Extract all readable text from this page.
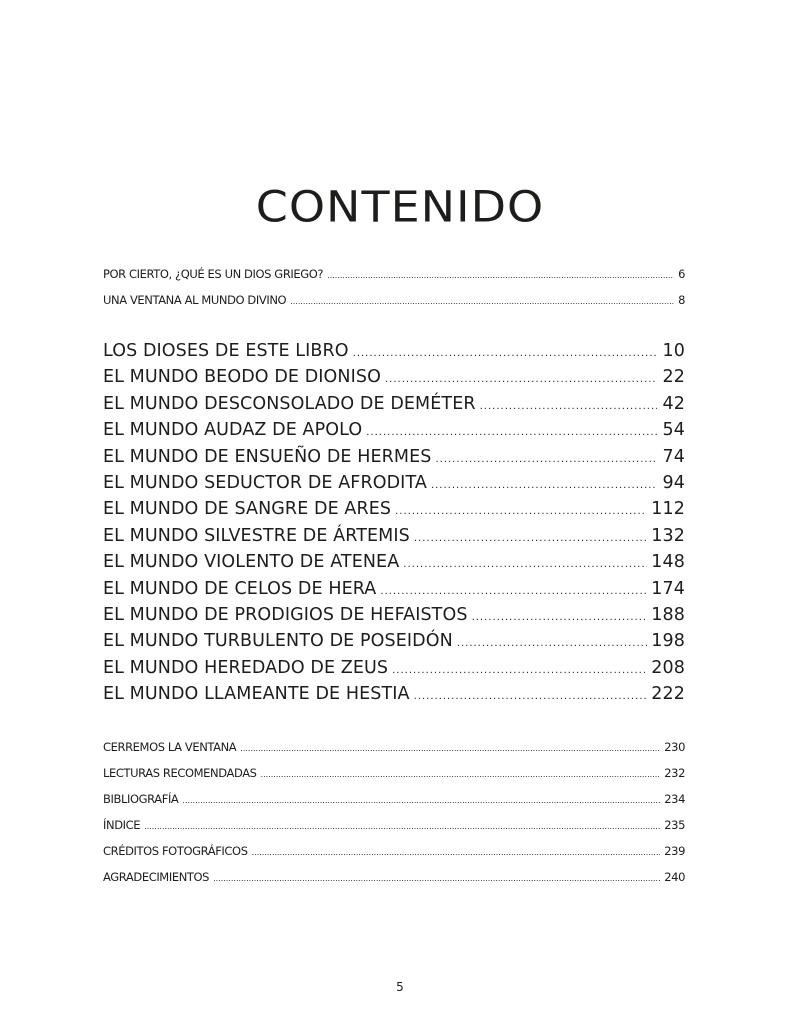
CONTENIDO
POR CIERTO, ¿QUÉ ES UN DIOS GRIEGO? .....	6
UNA VENTANA AL MUNDO DIVINO .....	8
LOS DIOSES DE ESTE LIBRO .....	10
EL MUNDO BEODO DE DIONISO .....	22
EL MUNDO DESCONSOLADO DE DEMÉTER .....	42
EL MUNDO AUDAZ DE APOLO .....	54
EL MUNDO DE ENSUEÑO DE HERMES .....	74
EL MUNDO SEDUCTOR DE AFRODITA .....	94
EL MUNDO DE SANGRE DE ARES .....	112
EL MUNDO SILVESTRE DE ÁRTEMIS .....	132
EL MUNDO VIOLENTO DE ATENEA .....	148
EL MUNDO DE CELOS DE HERA .....	174
EL MUNDO DE PRODIGIOS DE HEFAISTOS .....	188
EL MUNDO TURBULENTO DE POSEIDÓN .....	198
EL MUNDO HEREDADO DE ZEUS .....	208
EL MUNDO LLAMEANTE DE HESTIA .....	222
CERREMOS LA VENTANA .....	230
LECTURAS RECOMENDADAS .....	232
BIBLIOGRAFÍA .....	234
ÍNDICE .....	235
CRÉDITOS FOTOGRÁFICOS .....	239
AGRADECIMIENTOS .....	240
5
